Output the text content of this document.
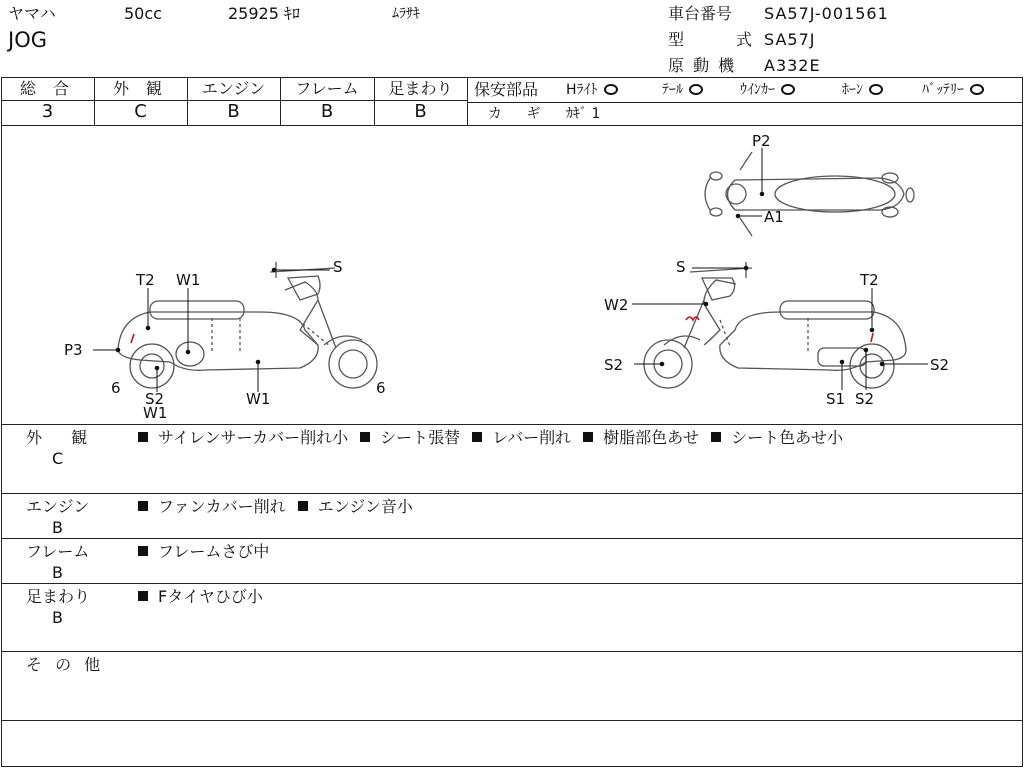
ヤマハ	50cc	25925 ｷﾛ	ﾑﾗｻｷ
JOG
車台番号 SA57J-001561
型	式 SA57J
原 動 機 A332E
総 合	外 観	エンジン	フレーム	足まわり
3	C	B	B	B
保安部品 Hﾗｲﾄ	ﾃｰﾙ	ｳｲﾝｶｰ	ﾎｰﾝ	ﾊﾞｯﾃﾘｰ
カ ギ ｶｷﾞ 1
T2 W1
S
P3
6
S2
W1
W1
6
S
T2
W2
S2	S2
S1 S2
P2
A1
外 観
C
サイレンサーカバー削れ小 シート張替 レバー削れ 樹脂部色あせ シート色あせ小
エンジン
B
ファンカバー削れ エンジン音小
フレーム
B
フレームさび中
足まわり
B
Fタイヤひび小
そ の 他
